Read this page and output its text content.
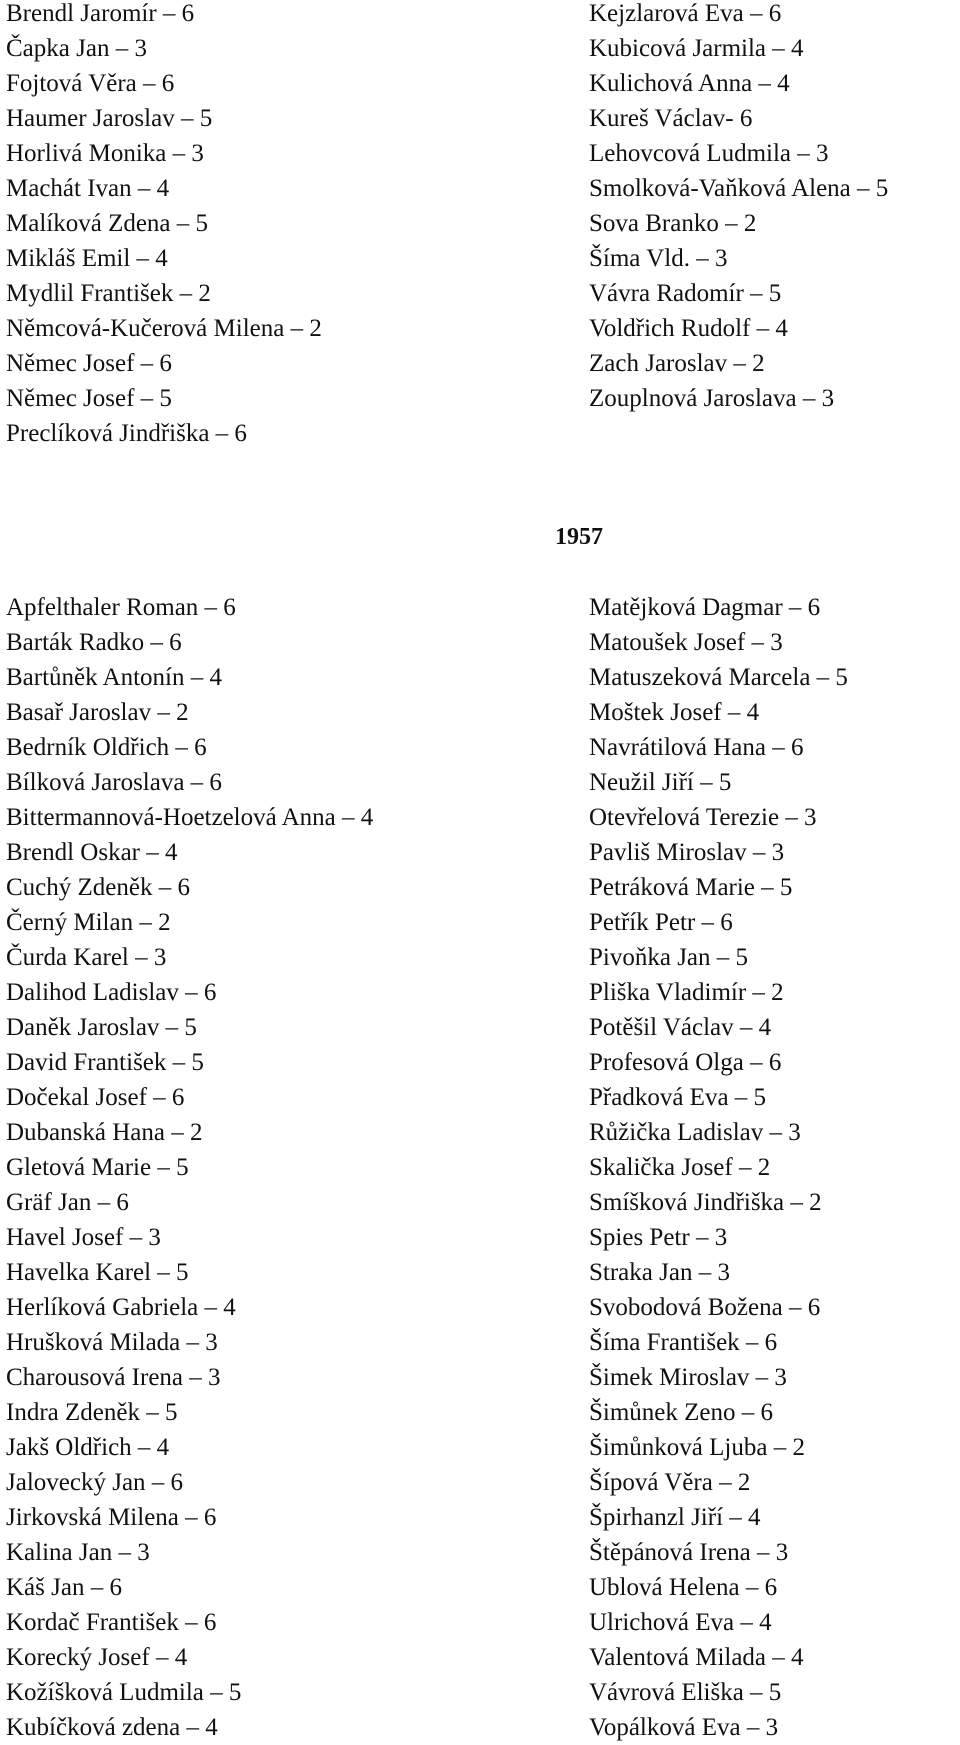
Brendl Jaromír – 6
Čapka Jan – 3
Fojtová Věra – 6
Haumer Jaroslav – 5
Horlivá Monika – 3
Machát Ivan – 4
Malíková Zdena – 5
Mikláš Emil – 4
Mydlil František – 2
Němcová-Kučerová Milena – 2
Němec Josef – 6
Němec Josef – 5
Preclíková Jindřiška – 6
Kejzlarová Eva – 6
Kubicová Jarmila – 4
Kulichová Anna – 4
Kureš Václav- 6
Lehovcová Ludmila – 3
Smolková-Vaňková Alena – 5
Sova Branko – 2
Šíma Vld. – 3
Vávra Radomír – 5
Voldřich Rudolf – 4
Zach Jaroslav – 2
Zouplnová Jaroslava – 3
1957
Apfelthaler Roman – 6
Barták Radko – 6
Bartůněk Antonín – 4
Basař Jaroslav – 2
Bedrník Oldřich – 6
Bílková Jaroslava – 6
Bittermannová-Hoetzelová Anna – 4
Brendl Oskar – 4
Cuchý Zdeněk – 6
Černý Milan – 2
Čurda Karel – 3
Dalihod Ladislav – 6
Daněk Jaroslav – 5
David František – 5
Dočekal Josef – 6
Dubanská Hana – 2
Gletová Marie – 5
Gräf Jan – 6
Havel Josef – 3
Havelka Karel – 5
Herlíková Gabriela – 4
Hrušková Milada – 3
Charousová Irena – 3
Indra Zdeněk – 5
Jakš Oldřich – 4
Jalovecký Jan – 6
Jirkovská Milena – 6
Kalina Jan – 3
Káš Jan – 6
Kordač František – 6
Korecký Josef – 4
Kožíšková Ludmila – 5
Kubíčková zdena – 4
Matějková Dagmar – 6
Matoušek Josef – 3
Matuszeková Marcela – 5
Moštek Josef – 4
Navrátilová Hana – 6
Neužil Jiří – 5
Otevřelová Terezie – 3
Pavliš Miroslav – 3
Petráková Marie – 5
Petřík Petr – 6
Pivoňka Jan – 5
Pliška Vladimír – 2
Potěšil Václav – 4
Profesová Olga – 6
Přadková Eva – 5
Růžička Ladislav – 3
Skalička Josef – 2
Smíšková Jindřiška – 2
Spies Petr – 3
Straka Jan – 3
Svobodová Božena – 6
Šíma František – 6
Šimek Miroslav – 3
Šimůnek Zeno – 6
Šimůnková Ljuba – 2
Šípová Věra – 2
Špirhanzl Jiří – 4
Štěpánová Irena – 3
Ublová Helena – 6
Ulrichová Eva – 4
Valentová Milada – 4
Vávrová Eliška – 5
Vopálková Eva – 3
